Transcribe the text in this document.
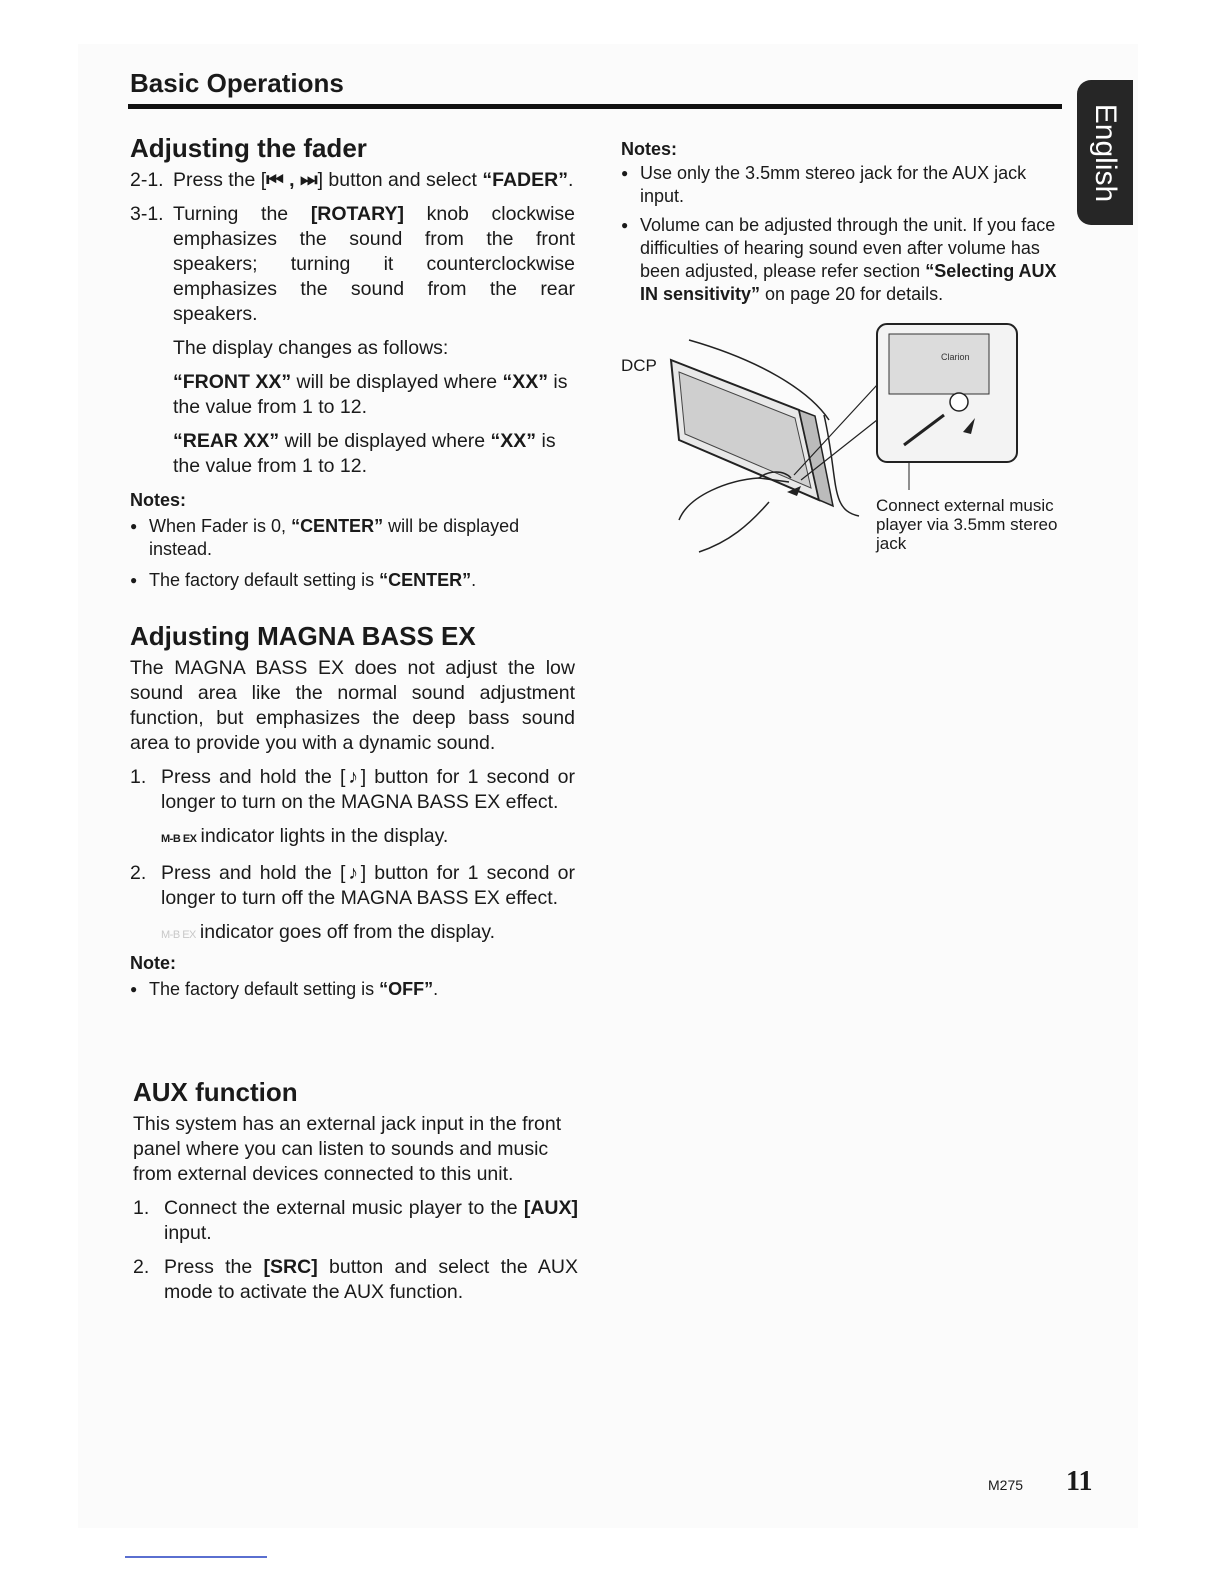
Basic Operations
English
Adjusting the fader
2-1. Press the [⏮ , ⏭] button and select “FADER”.
3-1. Turning the [ROTARY] knob clockwise emphasizes the sound from the front speakers; turning it counterclockwise emphasizes the sound from the rear speakers.
The display changes as follows:
“FRONT XX” will be displayed where “XX” is the value from 1 to 12.
“REAR XX” will be displayed where “XX” is the value from 1 to 12.
Notes:
● When Fader is 0, “CENTER” will be displayed instead.
● The factory default setting is “CENTER”.
Adjusting MAGNA BASS EX

The MAGNA BASS EX does not adjust the low sound area like the normal sound adjustment function, but emphasizes the deep bass sound area to provide you with a dynamic sound.

1. Press and hold the [♪] button for 1 second or longer to turn on the MAGNA BASS EX effect.
M-B EX indicator lights in the display.
2. Press and hold the [♪] button for 1 second or longer to turn off the MAGNA BASS EX effect.
M-B EX indicator goes off from the display.
Note:
● The factory default setting is “OFF”.
AUX function

This system has an external jack input in the front panel where you can listen to sounds and music from external devices connected to this unit.

1. Connect the external music player to the [AUX] input.
2. Press the [SRC] button and select the AUX mode to activate the AUX function.
Notes:
● Use only the 3.5mm stereo jack for the AUX jack input.
● Volume can be adjusted through the unit. If you face difficulties of hearing sound even after volume has been adjusted, please refer section “Selecting AUX IN sensitivity” on page 20 for details.
Clarion
DCP
Connect external music player via 3.5mm stereo jack
M275 11
